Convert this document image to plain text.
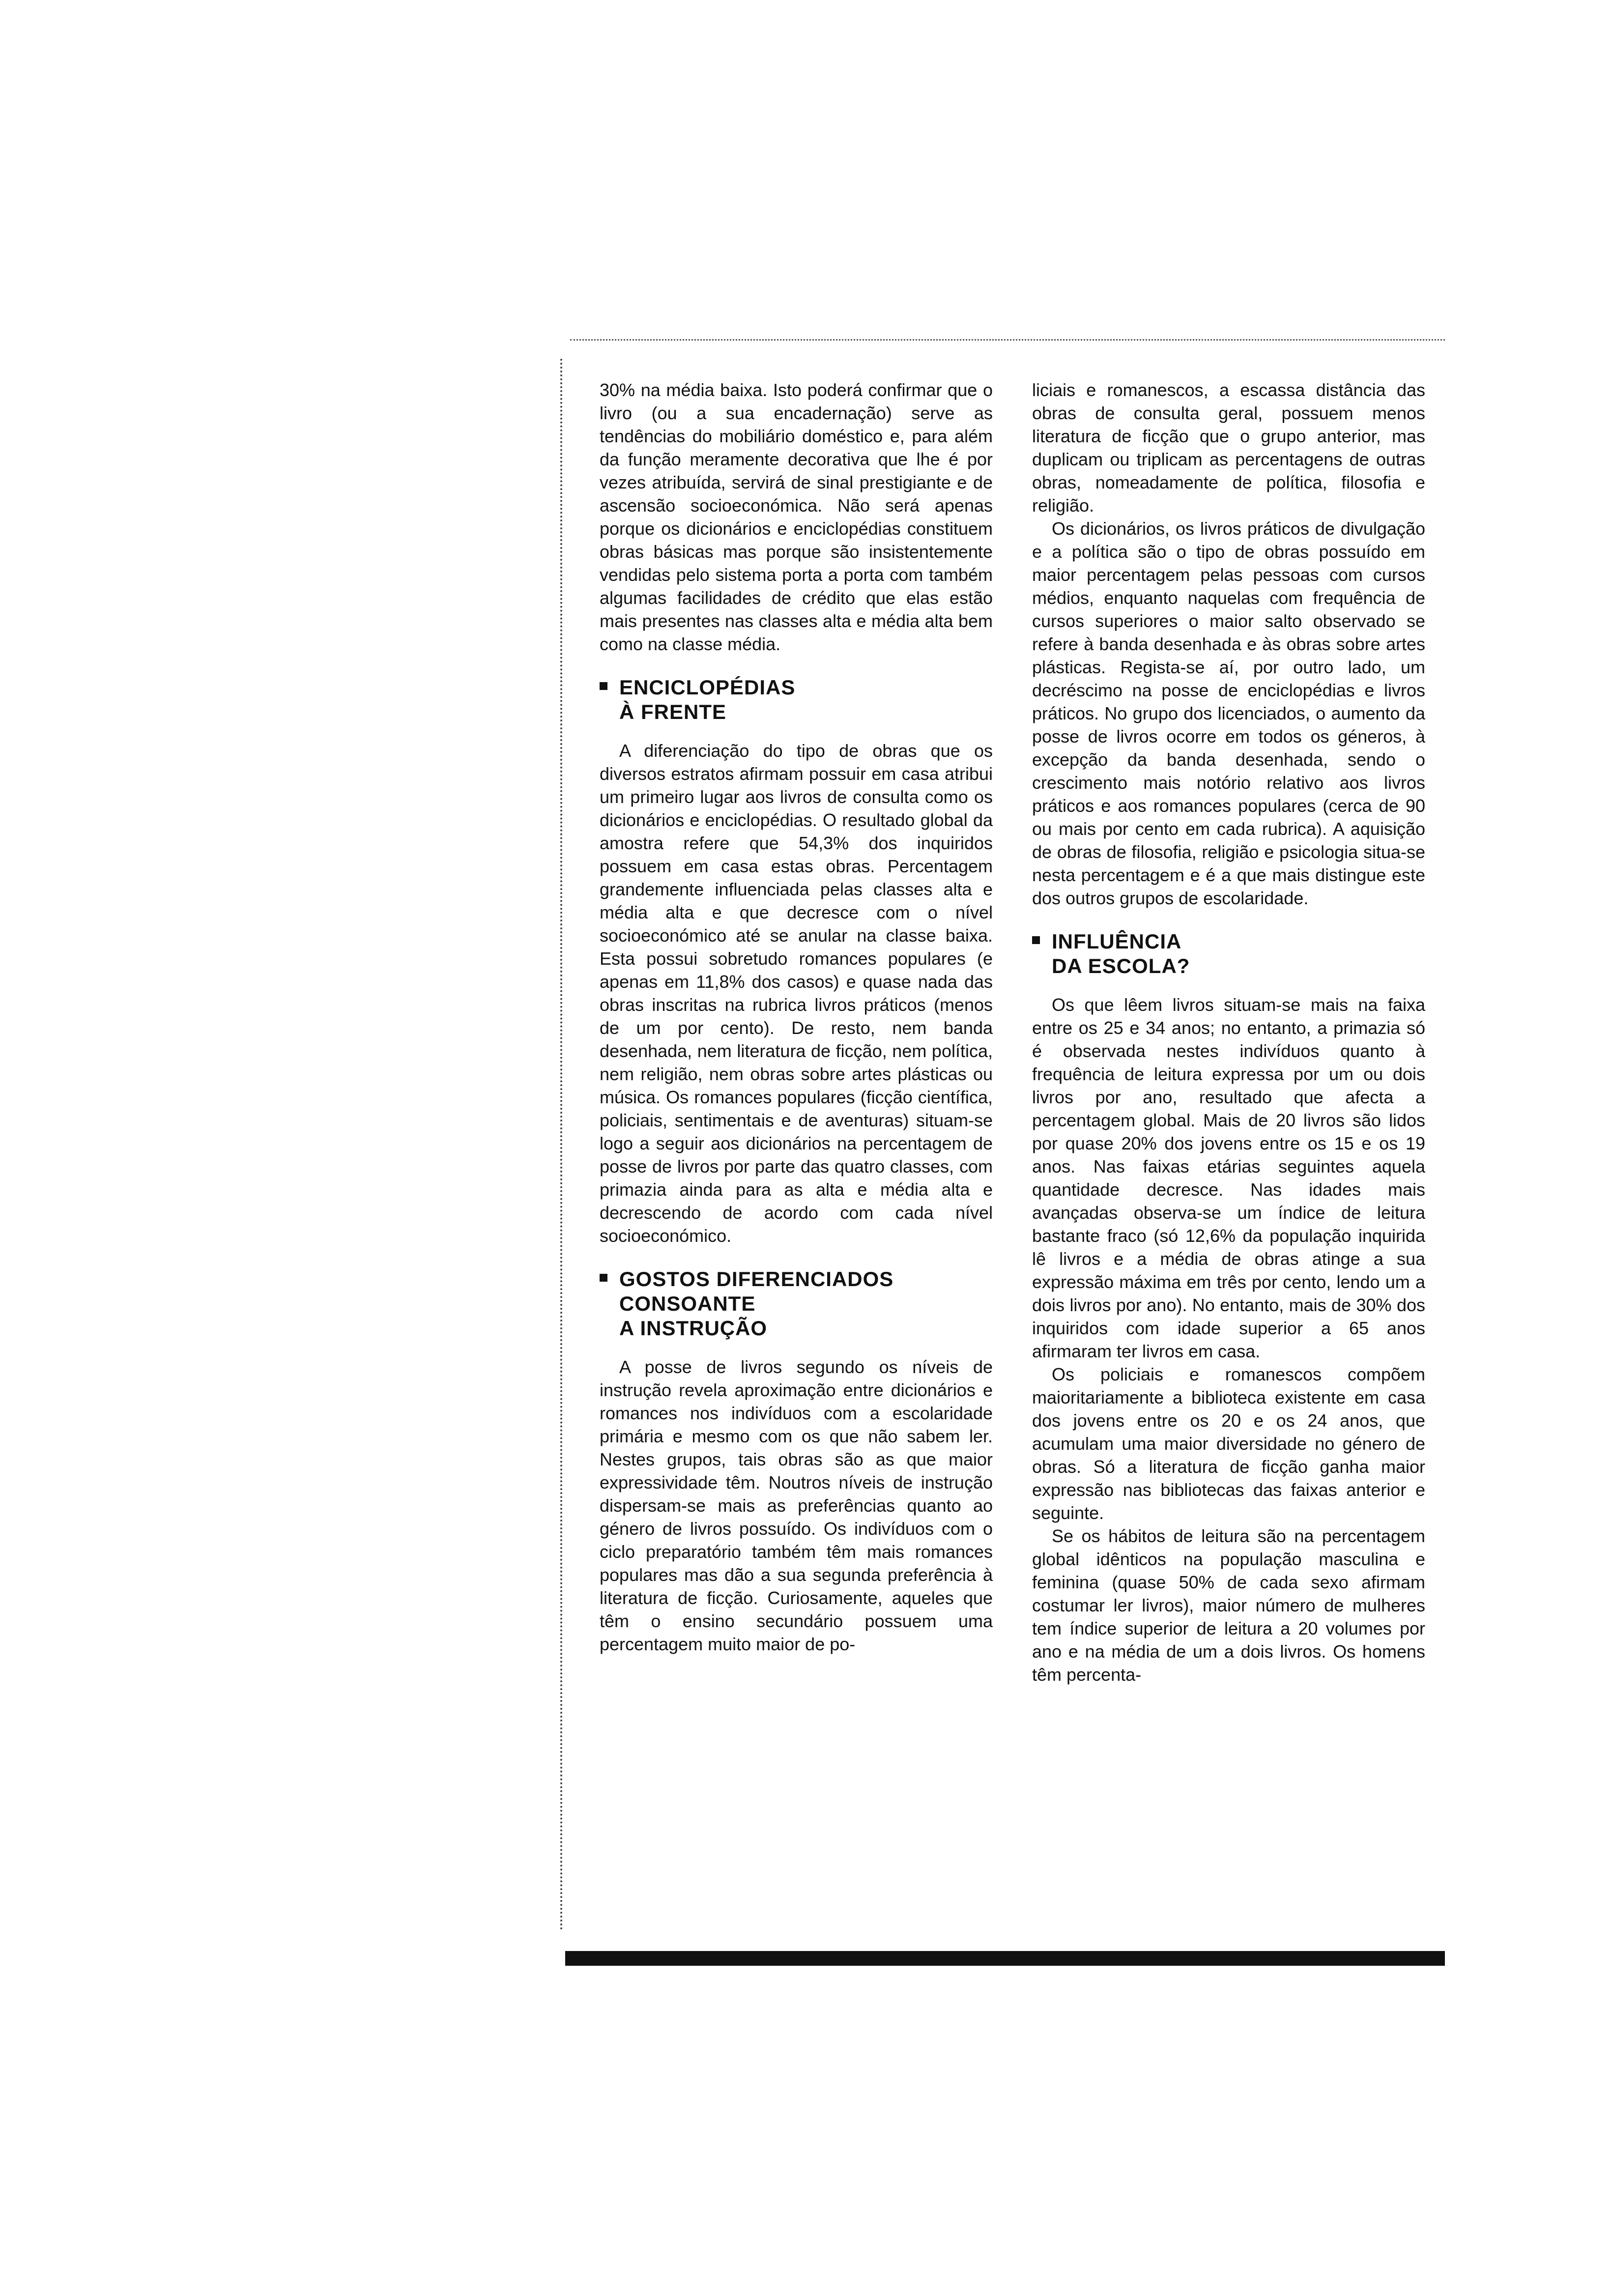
30% na média baixa. Isto poderá confirmar que o livro (ou a sua encadernação) serve as tendências do mobiliário doméstico e, para além da função meramente decorativa que lhe é por vezes atribuída, servirá de sinal prestigiante e de ascensão socioeconómica. Não será apenas porque os dicionários e enciclopédias constituem obras básicas mas porque são insistentemente vendidas pelo sistema porta a porta com também algumas facilidades de crédito que elas estão mais presentes nas classes alta e média alta bem como na classe média.

ENCICLOPÉDIAS
À FRENTE

A diferenciação do tipo de obras que os diversos estratos afirmam possuir em casa atribui um primeiro lugar aos livros de consulta como os dicionários e enciclopédias. O resultado global da amostra refere que 54,3% dos inquiridos possuem em casa estas obras. Percentagem grandemente influenciada pelas classes alta e média alta e que decresce com o nível socioeconómico até se anular na classe baixa. Esta possui sobretudo romances populares (e apenas em 11,8% dos casos) e quase nada das obras inscritas na rubrica livros práticos (menos de um por cento). De resto, nem banda desenhada, nem literatura de ficção, nem política, nem religião, nem obras sobre artes plásticas ou música. Os romances populares (ficção científica, policiais, sentimentais e de aventuras) situam-se logo a seguir aos dicionários na percentagem de posse de livros por parte das quatro classes, com primazia ainda para as alta e média alta e decrescendo de acordo com cada nível socioeconómico.

GOSTOS DIFERENCIADOS
CONSOANTE
A INSTRUÇÃO

A posse de livros segundo os níveis de instrução revela aproximação entre dicionários e romances nos indivíduos com a escolaridade primária e mesmo com os que não sabem ler. Nestes grupos, tais obras são as que maior expressividade têm. Noutros níveis de instrução dispersam-se mais as preferências quanto ao género de livros possuído. Os indivíduos com o ciclo preparatório também têm mais romances populares mas dão a sua segunda preferência à literatura de ficção. Curiosamente, aqueles que têm o ensino secundário possuem uma percentagem muito maior de po-

liciais e romanescos, a escassa distância das obras de consulta geral, possuem menos literatura de ficção que o grupo anterior, mas duplicam ou triplicam as percentagens de outras obras, nomeadamente de política, filosofia e religião.

Os dicionários, os livros práticos de divulgação e a política são o tipo de obras possuído em maior percentagem pelas pessoas com cursos médios, enquanto naquelas com frequência de cursos superiores o maior salto observado se refere à banda desenhada e às obras sobre artes plásticas. Regista-se aí, por outro lado, um decréscimo na posse de enciclopédias e livros práticos. No grupo dos licenciados, o aumento da posse de livros ocorre em todos os géneros, à excepção da banda desenhada, sendo o crescimento mais notório relativo aos livros práticos e aos romances populares (cerca de 90 ou mais por cento em cada rubrica). A aquisição de obras de filosofia, religião e psicologia situa-se nesta percentagem e é a que mais distingue este dos outros grupos de escolaridade.

INFLUÊNCIA
DA ESCOLA?

Os que lêem livros situam-se mais na faixa entre os 25 e 34 anos; no entanto, a primazia só é observada nestes indivíduos quanto à frequência de leitura expressa por um ou dois livros por ano, resultado que afecta a percentagem global. Mais de 20 livros são lidos por quase 20% dos jovens entre os 15 e os 19 anos. Nas faixas etárias seguintes aquela quantidade decresce. Nas idades mais avançadas observa-se um índice de leitura bastante fraco (só 12,6% da população inquirida lê livros e a média de obras atinge a sua expressão máxima em três por cento, lendo um a dois livros por ano). No entanto, mais de 30% dos inquiridos com idade superior a 65 anos afirmaram ter livros em casa.

Os policiais e romanescos compõem maioritariamente a biblioteca existente em casa dos jovens entre os 20 e os 24 anos, que acumulam uma maior diversidade no género de obras. Só a literatura de ficção ganha maior expressão nas bibliotecas das faixas anterior e seguinte.

Se os hábitos de leitura são na percentagem global idênticos na população masculina e feminina (quase 50% de cada sexo afirmam costumar ler livros), maior número de mulheres tem índice superior de leitura a 20 volumes por ano e na média de um a dois livros. Os homens têm percenta-
